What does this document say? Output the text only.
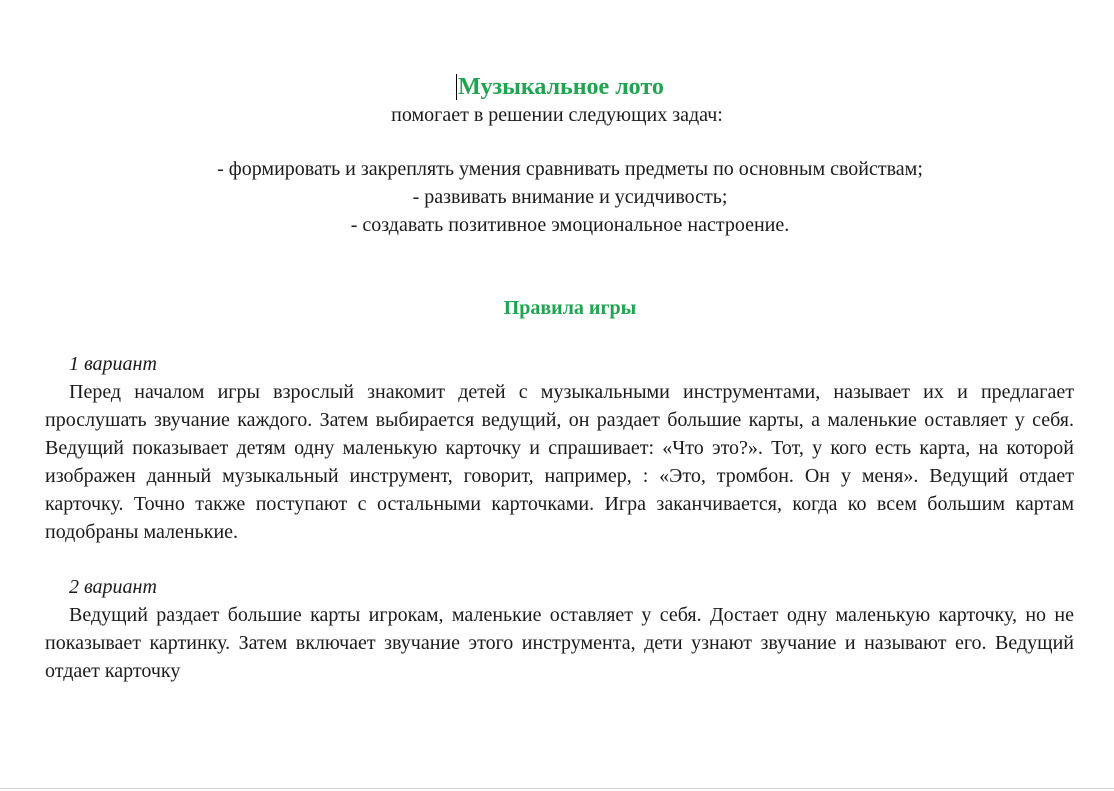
Музыкальное лото
помогает в решении следующих задач:
- формировать и закреплять умения сравнивать предметы по основным свойствам;
- развивать внимание и усидчивость;
- создавать позитивное эмоциональное настроение.
Правила игры
1 вариант

Перед началом игры взрослый знакомит детей с музыкальными инструментами, называет их и предлагает прослушать звучание каждого. Затем выбирается ведущий, он раздает большие карты, а маленькие оставляет у себя. Ведущий показывает детям одну маленькую карточку и спрашивает: «Что это?». Тот, у кого есть карта, на которой изображен данный музыкальный инструмент, говорит, например, : «Это, тромбон. Он у меня». Ведущий отдает карточку. Точно также поступают с остальными карточками. Игра заканчивается, когда ко всем большим картам подобраны маленькие.

2 вариант

Ведущий раздает большие карты игрокам, маленькие оставляет у себя. Достает одну маленькую карточку, но не показывает картинку. Затем включает звучание этого инструмента, дети узнают звучание и называют его. Ведущий отдает карточку
